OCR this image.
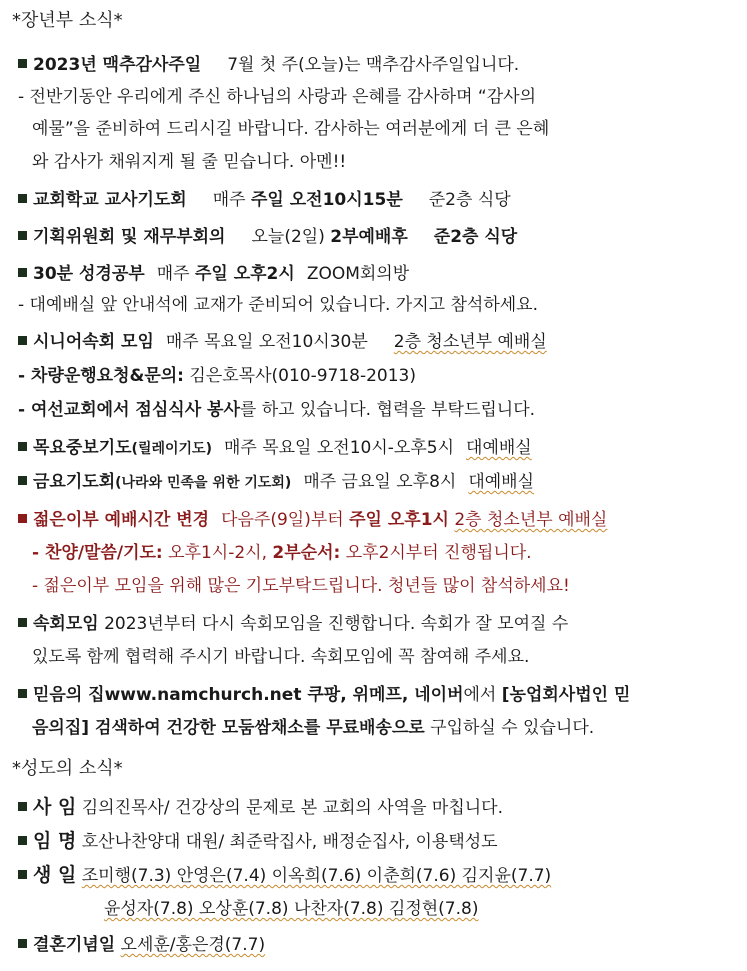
*장년부 소식*
2023년 맥추감사주일 7월 첫 주(오늘)는 맥추감사주일입니다.
- 전반기동안 우리에게 주신 하나님의 사랑과 은혜를 감사하며 “감사의
예물”을 준비하여 드리시길 바랍니다. 감사하는 여러분에게 더 큰 은혜
와 감사가 채워지게 될 줄 믿습니다. 아멘!!
교회학교 교사기도회 매주 주일 오전10시15분 준2층 식당
기획위원회 및 재무부회의 오늘(2일) 2부예배후 준2층 식당
30분 성경공부 매주 주일 오후2시 ZOOM회의방
- 대예배실 앞 안내석에 교재가 준비되어 있습니다. 가지고 참석하세요.
시니어속회 모임 매주 목요일 오전10시30분 2층 청소년부 예배실
- 차량운행요청&문의: 김은호목사(010-9718-2013)
- 여선교회에서 점심식사 봉사를 하고 있습니다. 협력을 부탁드립니다.
목요중보기도(릴레이기도) 매주 목요일 오전10시-오후5시 대예배실
금요기도회(나라와 민족을 위한 기도회) 매주 금요일 오후8시 대예배실
젊은이부 예배시간 변경 다음주(9일)부터 주일 오후1시 2층 청소년부 예배실
- 찬양/말씀/기도: 오후1시-2시, 2부순서: 오후2시부터 진행됩니다.
- 젊은이부 모임을 위해 많은 기도부탁드립니다. 청년들 많이 참석하세요!
속회모임 2023년부터 다시 속회모임을 진행합니다. 속회가 잘 모여질 수
있도록 함께 협력해 주시기 바랍니다. 속회모임에 꼭 참여해 주세요.
믿음의 집www.namchurch.net 쿠팡, 위메프, 네이버에서 [농업회사법인 믿
음의집] 검색하여 건강한 모둠쌈채소를 무료배송으로 구입하실 수 있습니다.
*성도의 소식*
사 임 김의진목사/ 건강상의 문제로 본 교회의 사역을 마칩니다.
임 명 호산나찬양대 대원/ 최준락집사, 배정순집사, 이용택성도
생 일 조미행(7.3) 안영은(7.4) 이옥희(7.6) 이춘희(7.6) 김지윤(7.7)
윤성자(7.8) 오상훈(7.8) 나찬자(7.8) 김정현(7.8)
결혼기념일 오세훈/홍은경(7.7)
